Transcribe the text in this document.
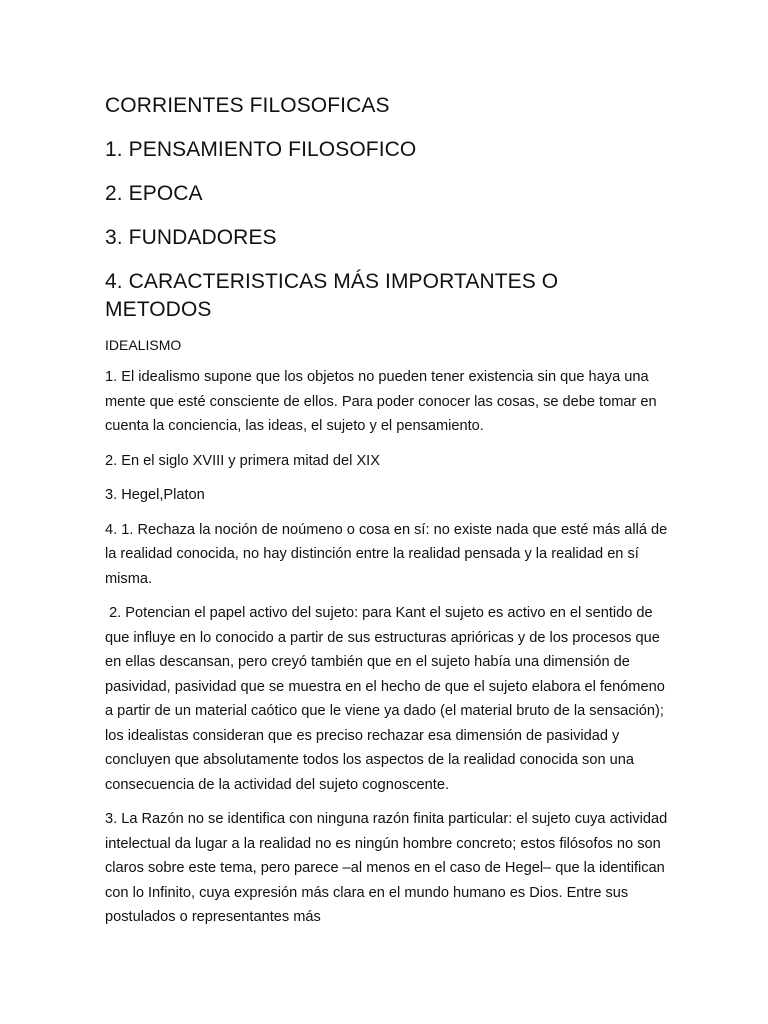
CORRIENTES FILOSOFICAS

1. PENSAMIENTO FILOSOFICO

2. EPOCA

3. FUNDADORES

4. CARACTERISTICAS MÁS IMPORTANTES O METODOS

IDEALISMO

1. El idealismo supone que los objetos no pueden tener existencia sin que haya una mente que esté consciente de ellos. Para poder conocer las cosas, se debe tomar en cuenta la conciencia, las ideas, el sujeto y el pensamiento.

2. En el siglo XVIII y primera mitad del XIX

3. Hegel,Platon

4. 1. Rechaza la noción de noúmeno o cosa en sí: no existe nada que esté más allá de la realidad conocida, no hay distinción entre la realidad pensada y la realidad en sí misma.

2. Potencian el papel activo del sujeto: para Kant el sujeto es activo en el sentido de que influye en lo conocido a partir de sus estructuras aprióricas y de los procesos que en ellas descansan, pero creyó también que en el sujeto había una dimensión de pasividad, pasividad que se muestra en el hecho de que el sujeto elabora el fenómeno a partir de un material caótico que le viene ya dado (el material bruto de la sensación); los idealistas consideran que es preciso rechazar esa dimensión de pasividad y concluyen que absolutamente todos los aspectos de la realidad conocida son una consecuencia de la actividad del sujeto cognoscente.

3. La Razón no se identifica con ninguna razón finita particular: el sujeto cuya actividad intelectual da lugar a la realidad no es ningún hombre concreto; estos filósofos no son claros sobre este tema, pero parece –al menos en el caso de Hegel– que la identifican con lo Infinito, cuya expresión más clara en el mundo humano es Dios. Entre sus postulados o representantes más
